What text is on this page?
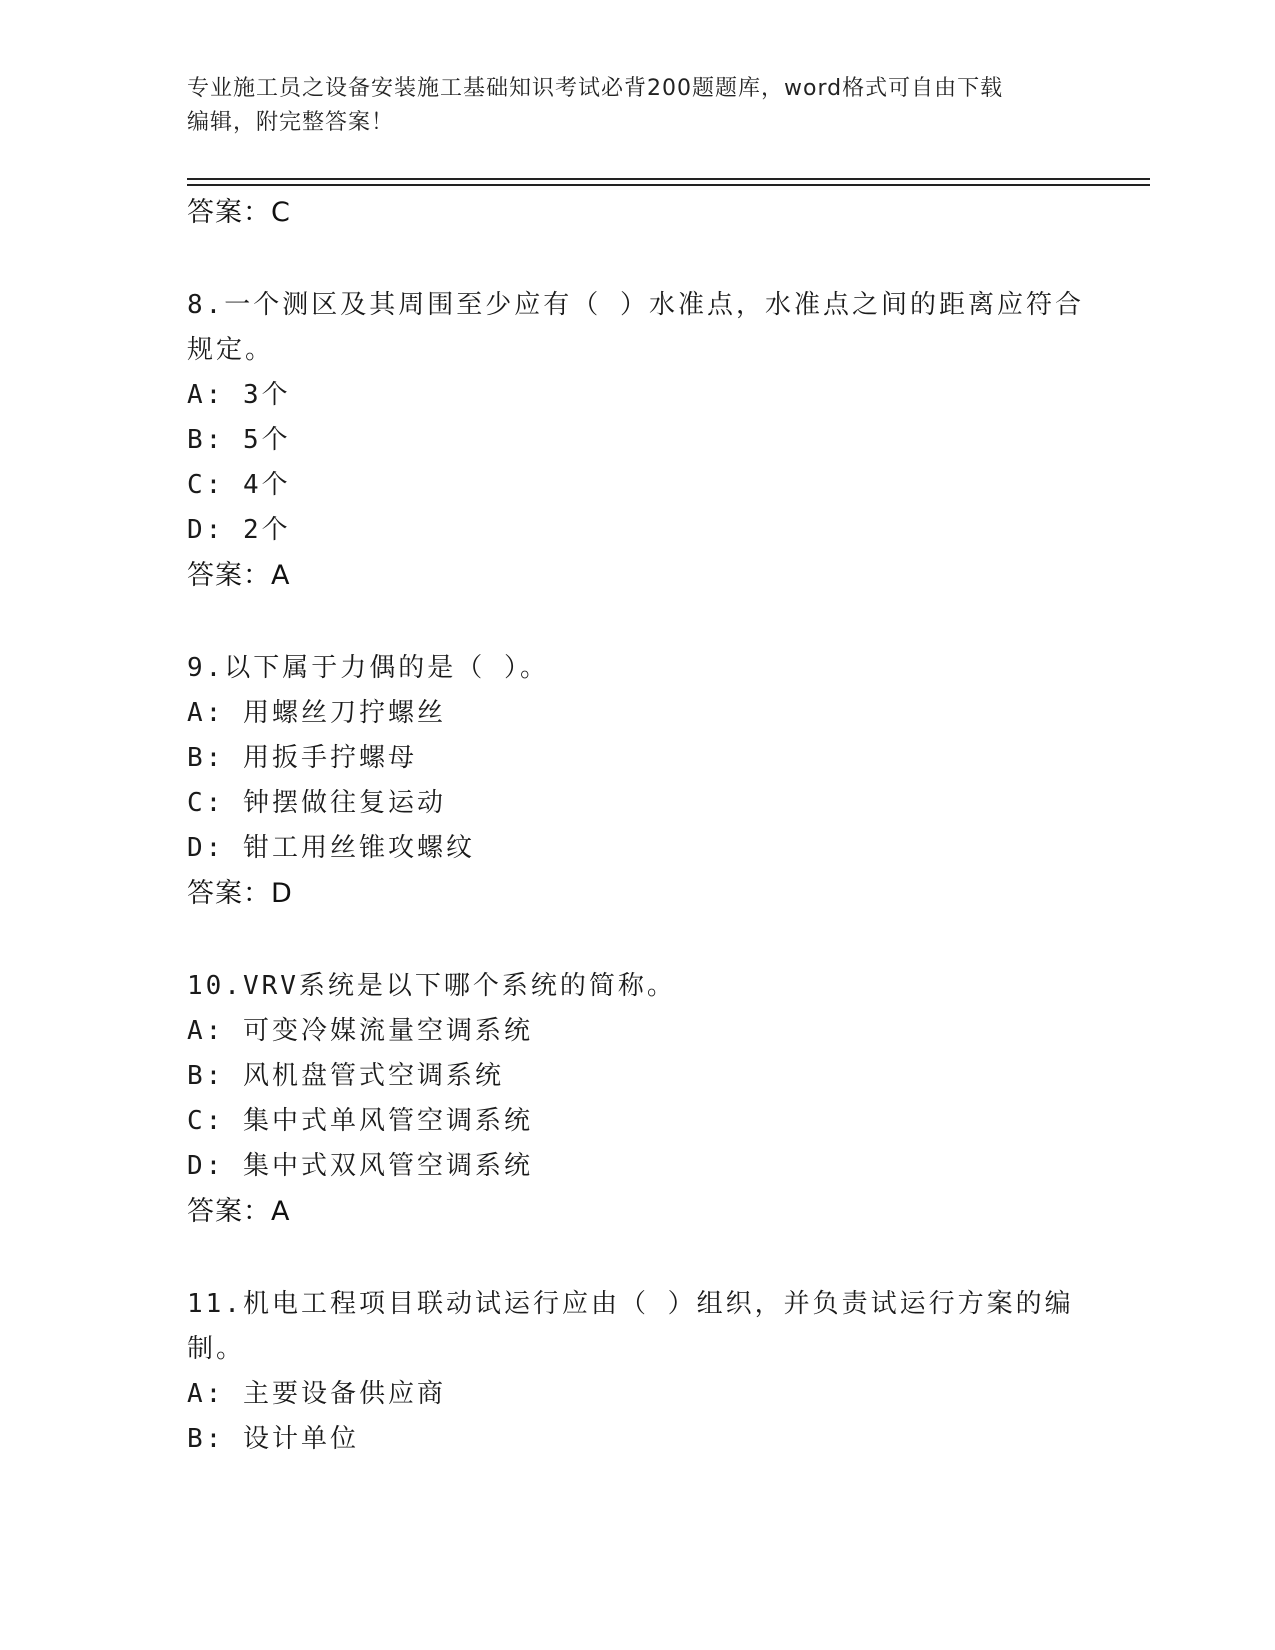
专业施工员之设备安装施工基础知识考试必背200题题库，word格式可自由下载
编辑，附完整答案！
答案：C
8.一个测区及其周围至少应有（ ）水准点，水准点之间的距离应符合
规定。
A: 3个
B: 5个
C: 4个
D: 2个
答案：A
9.以下属于力偶的是（ ）。
A: 用螺丝刀拧螺丝
B: 用扳手拧螺母
C: 钟摆做往复运动
D: 钳工用丝锥攻螺纹
答案：D
10.VRV系统是以下哪个系统的简称。
A: 可变冷媒流量空调系统
B: 风机盘管式空调系统
C: 集中式单风管空调系统
D: 集中式双风管空调系统
答案：A
11.机电工程项目联动试运行应由（ ）组织，并负责试运行方案的编
制。
A: 主要设备供应商
B: 设计单位
